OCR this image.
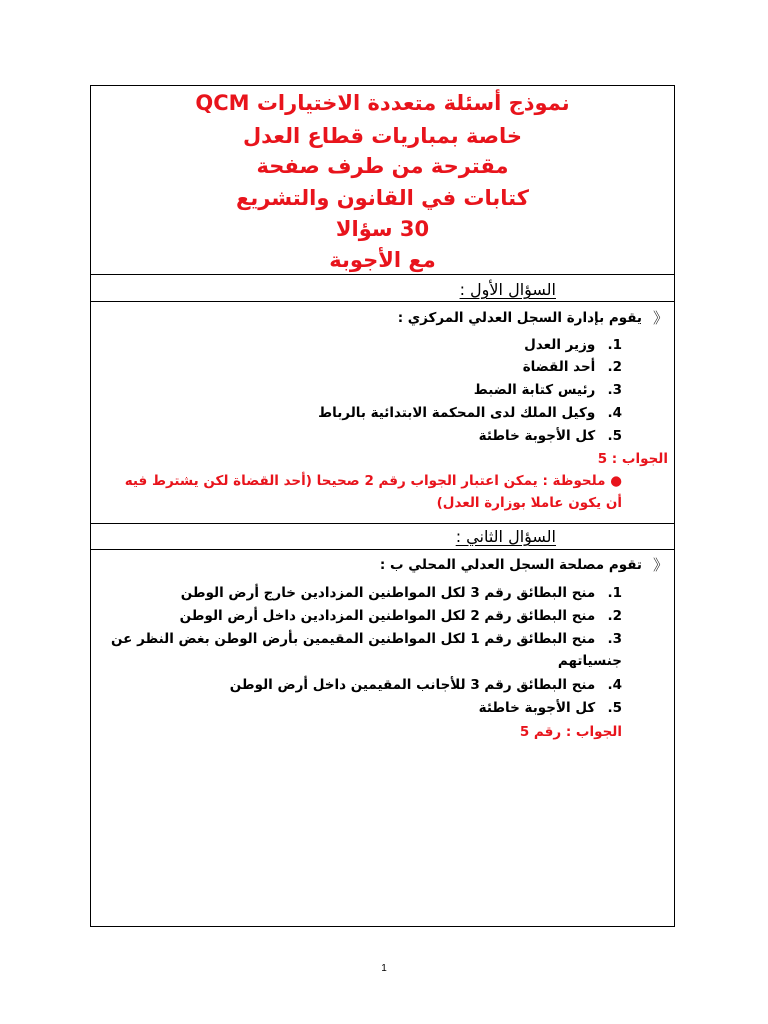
نموذج أسئلة متعددة الاختيارات QCM
خاصة بمباريات قطاع العدل
مقترحة من طرف صفحة
كتابات في القانون والتشريع
30 سؤالا
مع الأجوبة
السؤال الأول :
《
يقوم بإدارة السجل العدلي المركزي :
1. وزير العدل
2. أحد القضاة
3. رئيس كتابة الضبط
4. وكيل الملك لدى المحكمة الابتدائية بالرباط
5. كل الأجوبة خاطئة
الجواب : 5
● ملحوظة : يمكن اعتبار الجواب رقم 2 صحيحا (أحد القضاة لكن يشترط فيه
أن يكون عاملا بوزارة العدل)
السؤال الثاني :
《
تقوم مصلحة السجل العدلي المحلي ب :
1. منح البطائق رقم 3 لكل المواطنين المزدادين خارج أرض الوطن
2. منح البطائق رقم 2 لكل المواطنين المزدادين داخل أرض الوطن
3. منح البطائق رقم 1 لكل المواطنين المقيمين بأرض الوطن بغض النظر عن
جنسياتهم
4. منح البطائق رقم 3 للأجانب المقيمين داخل أرض الوطن
5. كل الأجوبة خاطئة
الجواب : رقم 5
1
